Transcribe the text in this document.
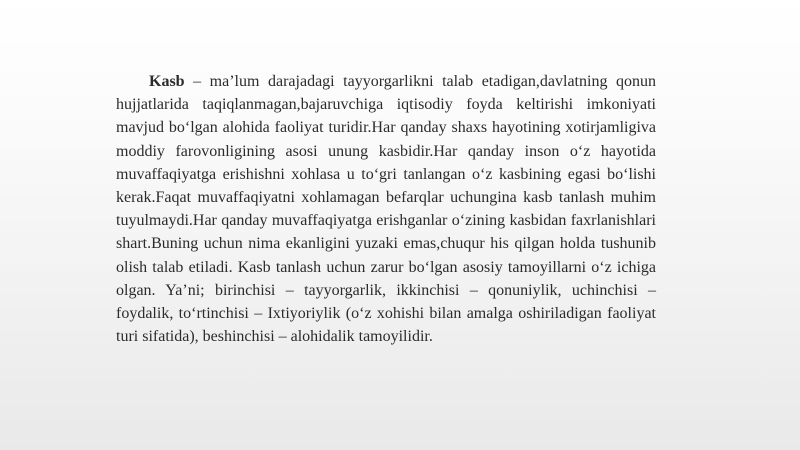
Kasb – ma’lum darajadagi tayyorgarlikni talab etadigan,davlatning qonun hujjatlarida taqiqlanmagan,bajaruvchiga iqtisodiy foyda keltirishi imkoniyati mavjud bo‘lgan alohida faoliyat turidir.Har qanday shaxs hayotining xotirjamligiva moddiy farovonligining asosi unung kasbidir.Har qanday inson o‘z hayotida muvaffaqiyatga erishishni xohlasa u to‘gri tanlangan o‘z kasbining egasi bo‘lishi kerak.Faqat muvaffaqiyatni xohlamagan befarqlar uchungina kasb tanlash muhim tuyulmaydi.Har qanday muvaffaqiyatga erishganlar o‘zining kasbidan faxrlanishlari shart.Buning uchun nima ekanligini yuzaki emas,chuqur his qilgan holda tushunib olish talab etiladi. Kasb tanlash uchun zarur bo‘lgan asosiy tamoyillarni o‘z ichiga olgan. Ya’ni; birinchisi – tayyorgarlik, ikkinchisi – qonuniylik, uchinchisi – foydalik, to‘rtinchisi – Ixtiyoriylik (o‘z xohishi bilan amalga oshiriladigan faoliyat turi sifatida), beshinchisi – alohidalik tamoyilidir.
